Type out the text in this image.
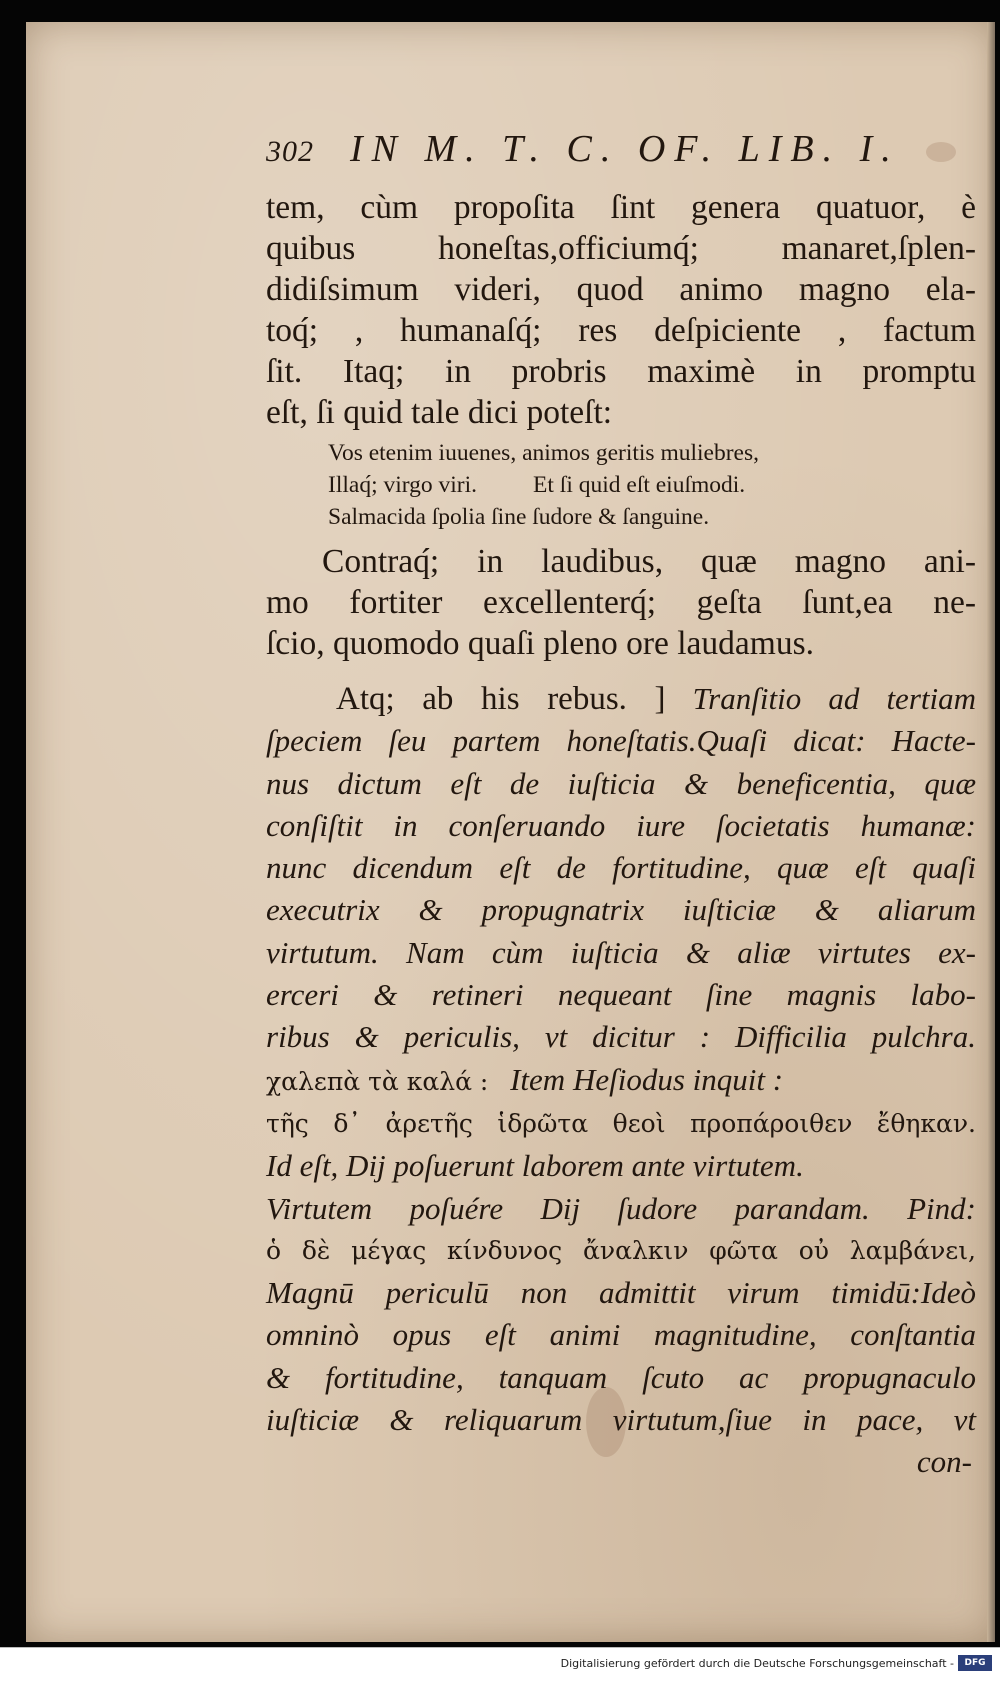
302 IN M. T. C. OF. LIB. I.
tem, cùm propoſita ſint genera quatuor, è
quibus honeſtas,officiumq́; manaret,ſplen-
didiſsimum videri, quod animo magno ela-
toq́; , humanaſq́; res deſpiciente , factum
ſit. Itaq; in probris maximè in promptu
eſt, ſi quid tale dici poteſt:
Vos etenim iuuenes, animos geritis muliebres,
Illaq́; virgo viri. Et ſi quid eſt eiuſmodi.
Salmacida ſpolia ſine ſudore & ſanguine.
Contraq́; in laudibus, quæ magno ani-
mo fortiter excellenterq́; geſta ſunt,ea ne-
ſcio, quomodo quaſi pleno ore laudamus.
Atq; ab his rebus. ] Tranſitio ad tertiam
ſpeciem ſeu partem honeſtatis.Quaſi dicat: Hacte-
nus dictum eſt de iuſticia & beneficentia, quæ
conſiſtit in conſeruando iure ſocietatis humanæ:
nunc dicendum eſt de fortitudine, quæ eſt quaſi
executrix & propugnatrix iuſticiæ & aliarum
virtutum. Nam cùm iuſticia & aliæ virtutes ex-
erceri & retineri nequeant ſine magnis labo-
ribus & periculis, vt dicitur : Difficilia pulchra.
χαλεπὰ τὰ καλά : Item Heſiodus inquit :
τῆς δ᾽ ἀρετῆς ἱδρῶτα θεοὶ προπάροιθεν ἔθηκαν.
Id eſt, Dij poſuerunt laborem ante virtutem.
Virtutem poſuére Dij ſudore parandam. Pind:
ὁ δὲ μέγας κίνδυνος ἄναλκιν φῶτα οὐ λαμβάνει,
Magnū periculū non admittit virum timidū:Ideò
omninò opus eſt animi magnitudine, conſtantia
& fortitudine, tanquam ſcuto ac propugnaculo
iuſticiæ & reliquarum virtutum,ſiue in pace, vt
con-
Digitalisierung gefördert durch die Deutsche Forschungsgemeinschaft -	DFG
